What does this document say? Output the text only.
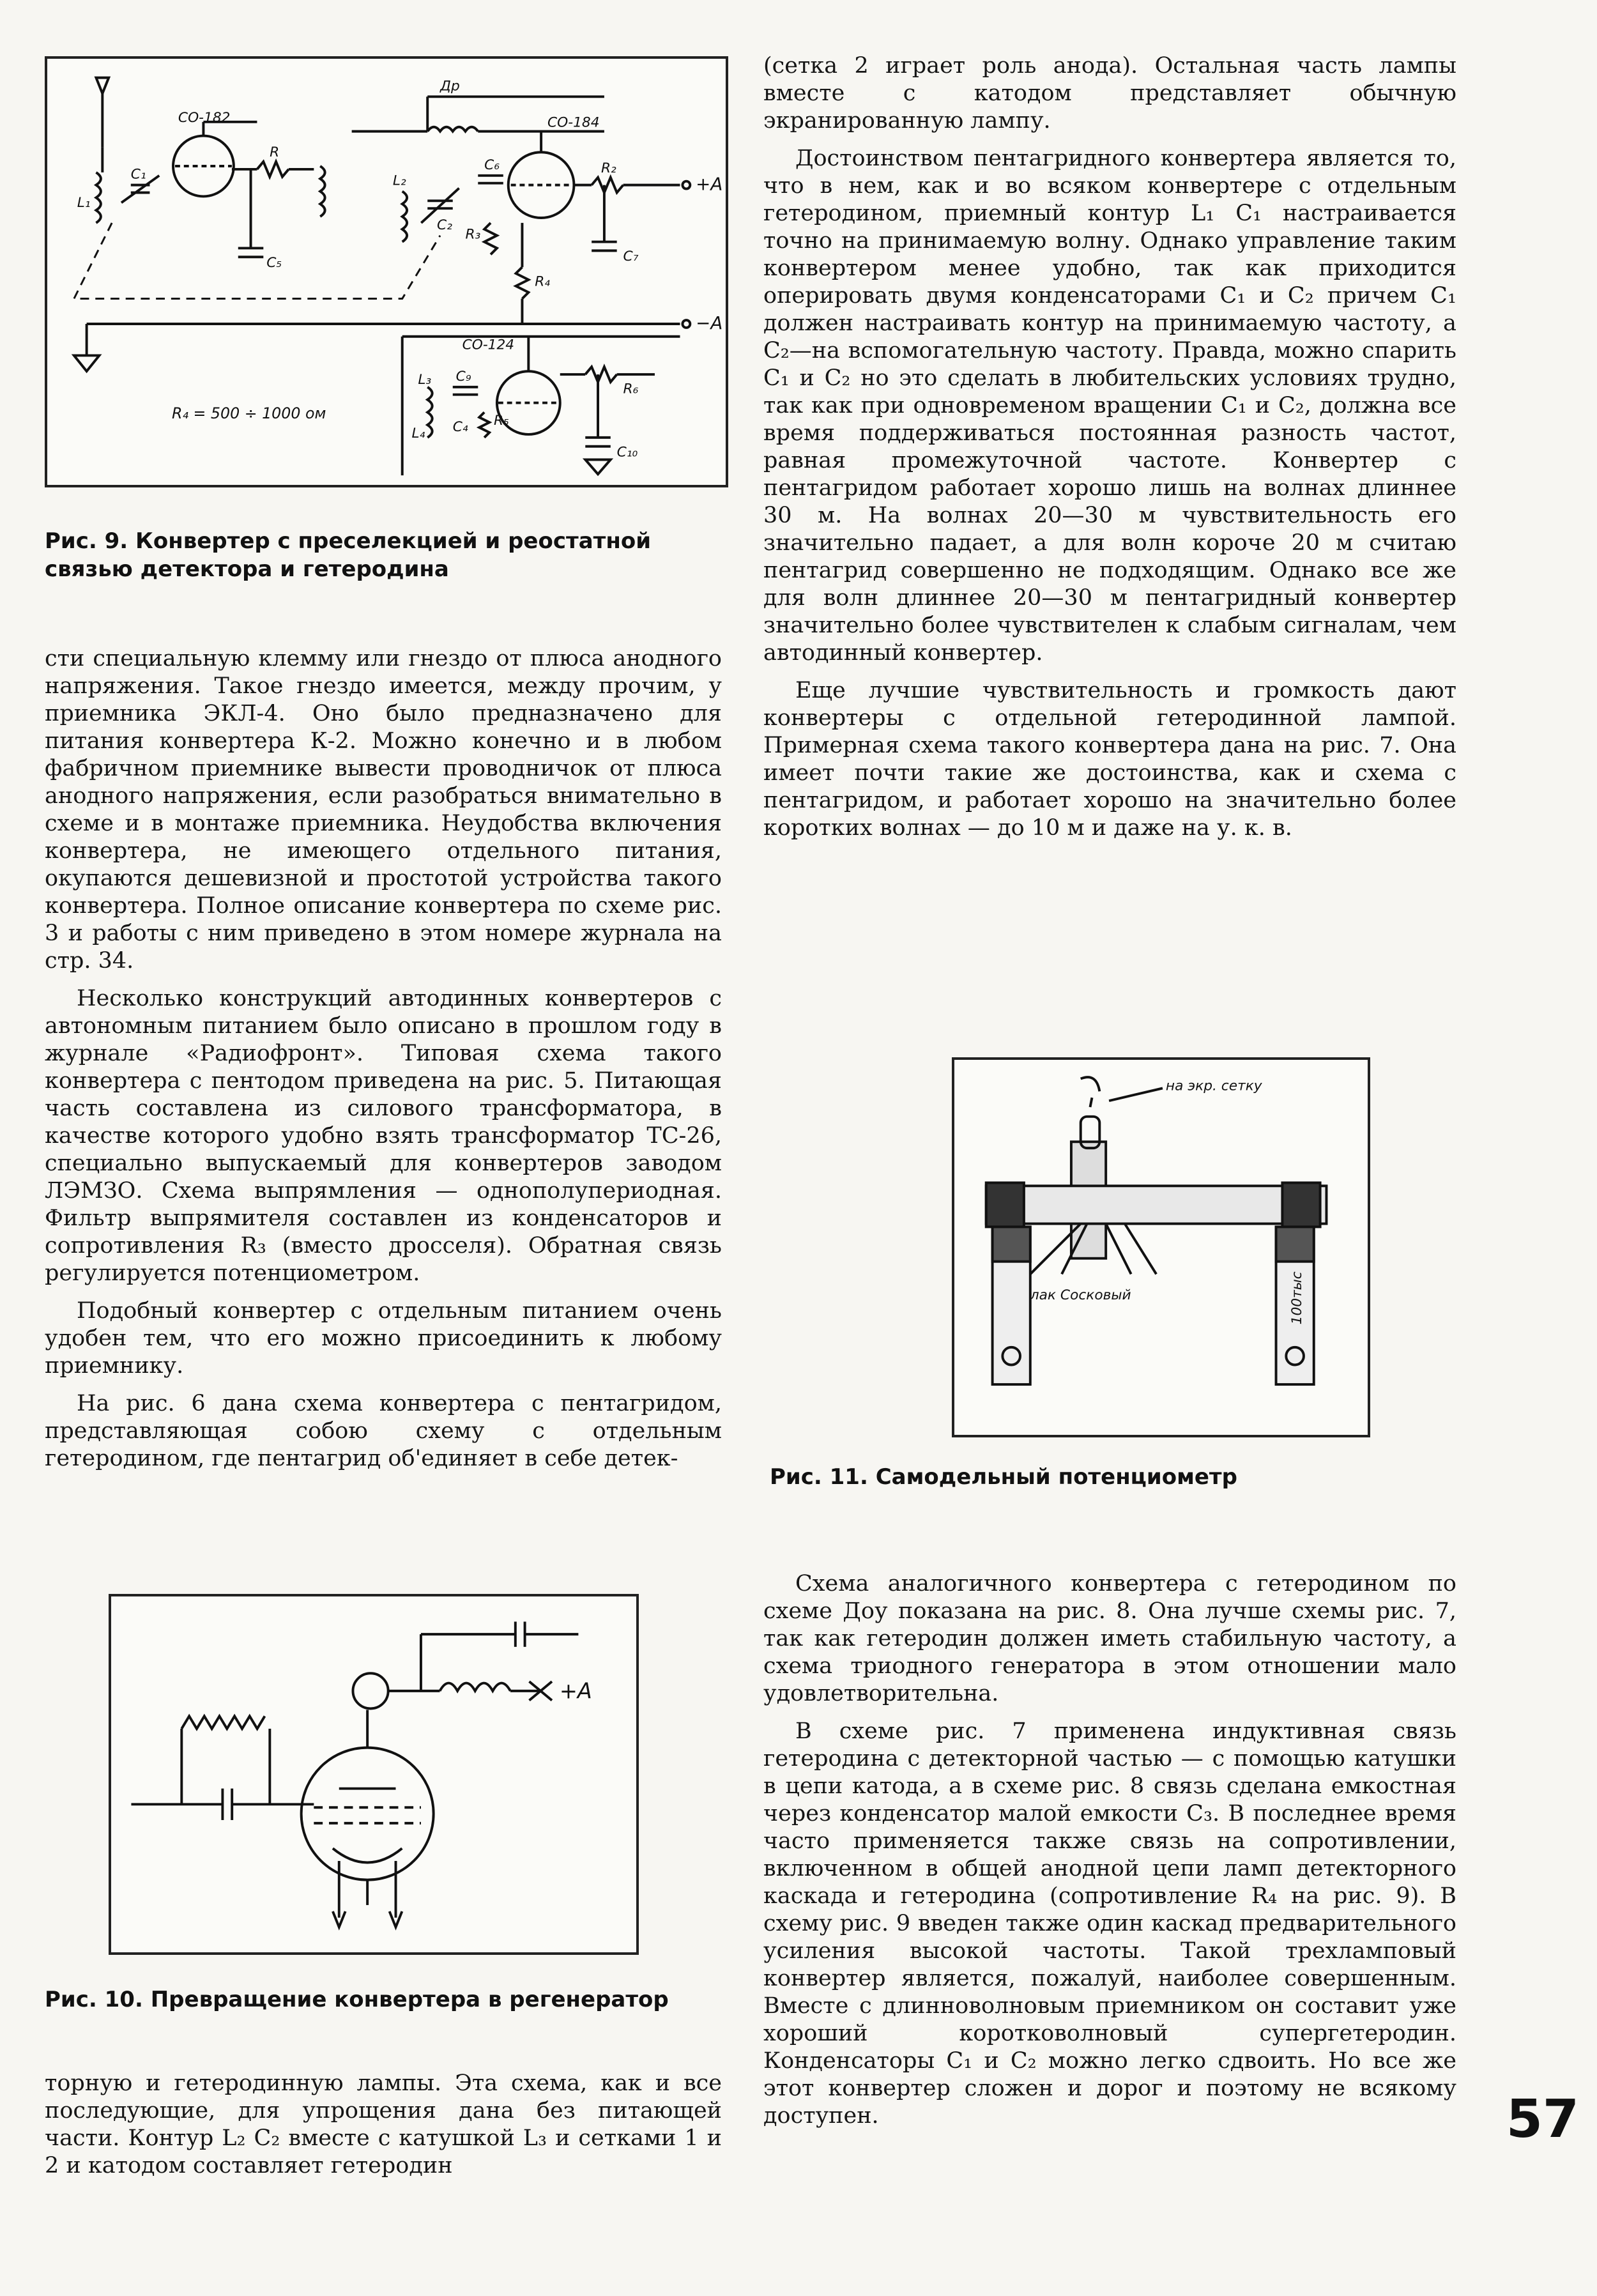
СО-182	СО-184
СО-124
Др
+A
−A
C₁
C₂
C₄
C₅
C₆
C₇
C₉
C₁₀
L₁
L₂
L₃
L₄
R
R₂
R₃
R₄
R₅
R₆
R₄ = 500 ÷ 1000 ом
Рис. 9. Конвертер с преселекцией и реостатной связью детектора и гетеродина

сти специальную клемму или гнездо от плюса анодного напряжения. Такое гнездо имеется, между прочим, у приемника ЭКЛ-4. Оно было предназначено для питания конвертера К-2. Можно конечно и в любом фабричном приемнике вывести проводничок от плюса анодного напряжения, если разобраться внимательно в схеме и в монтаже приемника. Неудобства включения конвертера, не имеющего отдельного питания, окупаются дешевизной и простотой устройства такого конвертера. Полное описание конвертера по схеме рис. 3 и работы с ним приведено в этом номере журнала на стр. 34.

Несколько конструкций автодинных конвертеров с автономным питанием было описано в прошлом году в журнале «Радиофронт». Типовая схема такого конвертера с пентодом приведена на рис. 5. Питающая часть составлена из силового трансформатора, в качестве которого удобно взять трансформатор ТС-26, специально выпускаемый для конвертеров заводом ЛЭМЗО. Схема выпрямления — однополупериодная. Фильтр выпрямителя составлен из конденсаторов и сопротивления R₃ (вместо дросселя). Обратная связь регулируется потенциометром.

Подобный конвертер с отдельным питанием очень удобен тем, что его можно присоединить к любому приемнику.

На рис. 6 дана схема конвертера с пентагридом, представляющая собою схему с отдельным гетеродином, где пентагрид об'единяет в себе детек-

+A
Рис. 10. Превращение конвертера в регенератор

торную и гетеродинную лампы. Эта схема, как и все последующие, для упрощения дана без питающей части. Контур L₂ C₂ вместе с катушкой L₃ и сетками 1 и 2 и катодом составляет гетеродин

(сетка 2 играет роль анода). Остальная часть лампы вместе с катодом представляет обычную экранированную лампу.

Достоинством пентагридного конвертера является то, что в нем, как и во всяком конвертере с отдельным гетеродином, приемный контур L₁ C₁ настраивается точно на принимаемую волну. Однако управление таким конвертером менее удобно, так как приходится оперировать двумя конденсаторами C₁ и C₂ причем C₁ должен настраивать контур на принимаемую частоту, а C₂—на вспомогательную частоту. Правда, можно спарить C₁ и C₂ но это сделать в любительских условиях трудно, так как при одновременом вращении C₁ и C₂, должна все время поддерживаться постоянная разность частот, равная промежуточной частоте. Конвертер с пентагридом работает хорошо лишь на волнах длиннее 30 м. На волнах 20—30 м чувствительность его значительно падает, а для волн короче 20 м считаю пентагрид совершенно не подходящим. Однако все же для волн длиннее 20—30 м пентагридный конвертер значительно более чувствителен к слабым сигналам, чем автодинный конвертер.

Еще лучшие чувствительность и громкость дают конвертеры с отдельной гетеродинной лампой. Примерная схема такого конвертера дана на рис. 7. Она имеет почти такие же достоинства, как и схема с пентагридом, и работает хорошо на значительно более коротких волнах — до 10 м и даже на у. к. в.

на экр. сетку
лак Сосковый	100тыс
Рис. 11. Самодельный потенциометр

Схема аналогичного конвертера с гетеродином по схеме Доу показана на рис. 8. Она лучше схемы рис. 7, так как гетеродин должен иметь стабильную частоту, а схема триодного генератора в этом отношении мало удовлетворительна.

В схеме рис. 7 применена индуктивная связь гетеродина с детекторной частью — с помощью катушки в цепи катода, а в схеме рис. 8 связь сделана емкостная через конденсатор малой емкости C₃. В последнее время часто применяется также связь на сопротивлении, включенном в общей анодной цепи ламп детекторного каскада и гетеродина (сопротивление R₄ на рис. 9). В схему рис. 9 введен также один каскад предварительного усиления высокой частоты. Такой трехламповый конвертер является, пожалуй, наиболее совершенным. Вместе с длинноволновым приемником он составит уже хороший коротковолновый супергетеродин. Конденсаторы C₁ и C₂ можно легко сдвоить. Но все же этот конвертер сложен и дорог и поэтому не всякому доступен.	57
